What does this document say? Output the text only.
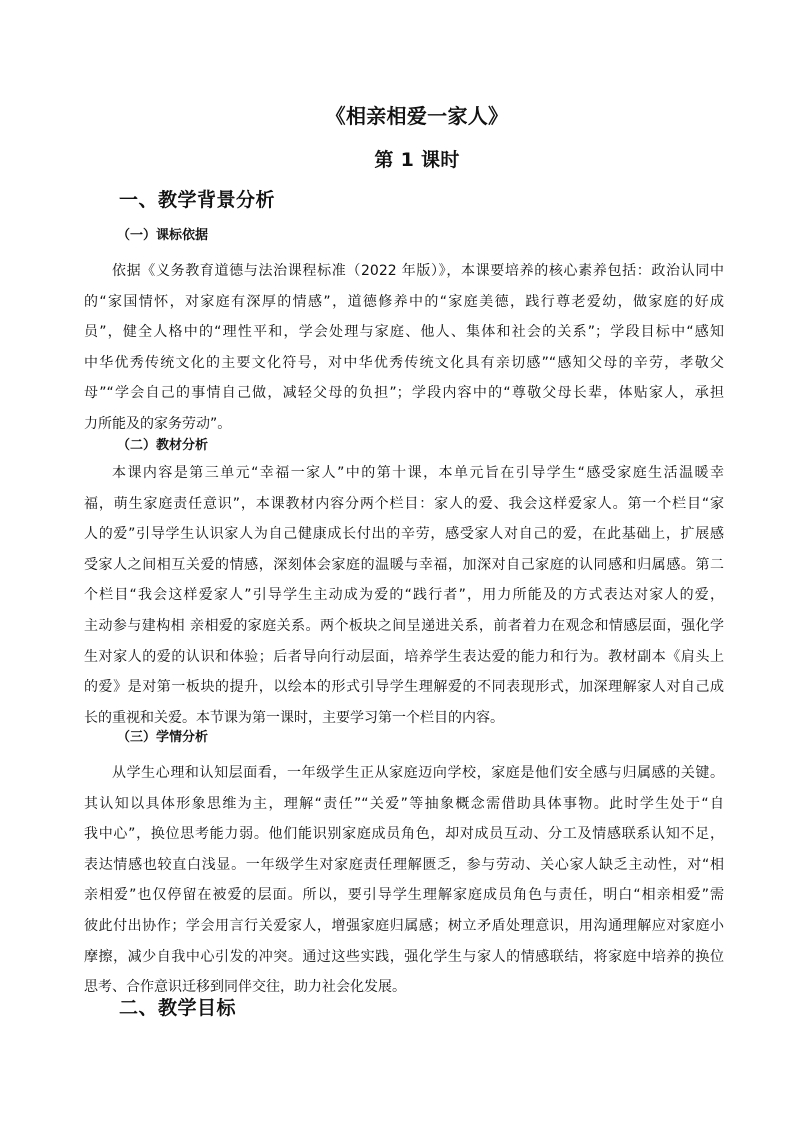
《相亲相爱一家人》
第 1 课时
一、教学背景分析
（一）课标依据
依据《义务教育道德与法治课程标准（2022 年版）》，本课要培养的核心素养包括：政治认同中
的“家国情怀，对家庭有深厚的情感”，道德修养中的“家庭美德，践行尊老爱幼，做家庭的好成
员”，健全人格中的“理性平和，学会处理与家庭、他人、集体和社会的关系”；学段目标中“感知
中华优秀传统文化的主要文化符号，对中华优秀传统文化具有亲切感”“感知父母的辛劳，孝敬父
母”“学会自己的事情自己做，减轻父母的负担”；学段内容中的“尊敬父母长辈，体贴家人，承担
力所能及的家务劳动”。
（二）教材分析
本课内容是第三单元“幸福一家人”中的第十课，本单元旨在引导学生“感受家庭生活温暖幸
福，萌生家庭责任意识”，本课教材内容分两个栏目：家人的爱、我会这样爱家人。第一个栏目“家
人的爱”引导学生认识家人为自己健康成长付出的辛劳，感受家人对自己的爱，在此基础上，扩展感
受家人之间相互关爱的情感，深刻体会家庭的温暖与幸福，加深对自己家庭的认同感和归属感。第二
个栏目“我会这样爱家人”引导学生主动成为爱的“践行者”，用力所能及的方式表达对家人的爱，
主动参与建构相 亲相爱的家庭关系。两个板块之间呈递进关系，前者着力在观念和情感层面，强化学
生对家人的爱的认识和体验；后者导向行动层面，培养学生表达爱的能力和行为。教材副本《肩头上
的爱》是对第一板块的提升，以绘本的形式引导学生理解爱的不同表现形式，加深理解家人对自己成
长的重视和关爱。本节课为第一课时，主要学习第一个栏目的内容。
（三）学情分析
从学生心理和认知层面看，一年级学生正从家庭迈向学校，家庭是他们安全感与归属感的关键。
其认知以具体形象思维为主，理解“责任”“关爱”等抽象概念需借助具体事物。此时学生处于“自
我中心”，换位思考能力弱。他们能识别家庭成员角色，却对成员互动、分工及情感联系认知不足，
表达情感也较直白浅显。一年级学生对家庭责任理解匮乏，参与劳动、关心家人缺乏主动性，对“相
亲相爱”也仅停留在被爱的层面。所以，要引导学生理解家庭成员角色与责任，明白“相亲相爱”需
彼此付出协作；学会用言行关爱家人，增强家庭归属感；树立矛盾处理意识，用沟通理解应对家庭小
摩擦，减少自我中心引发的冲突。通过这些实践，强化学生与家人的情感联结，将家庭中培养的换位
思考、合作意识迁移到同伴交往，助力社会化发展。
二、教学目标
